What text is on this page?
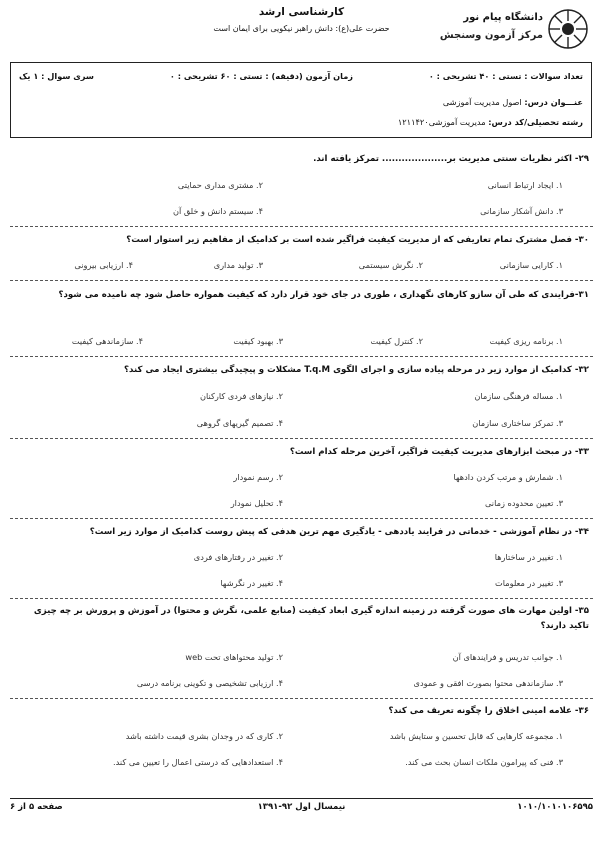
دانشگاه پیام نور
مرکز آزمون وسنجش
کارشناسی ارشد
حضرت علی(ع): دانش راهبر نیکویی برای ایمان است
تعداد سوالات : تستی : ۴۰ تشریحی : ۰
زمان آزمون (دقیقه) : تستی : ۶۰ تشریحی : ۰
سری سوال : ۱ یک
عنـــوان درس: اصول مدیریت آموزشی
رشته تحصیلی/کد درس: مدیریت آموزشی۱۲۱۱۴۲۰
۲۹- اکثر نظریات سنتی مدیریت بر.................... تمرکز یافته اند.
۱. ایجاد ارتباط انسانی
۲. مشتری مداری حمایتی
۳. دانش آشکار سازمانی
۴. سیستم دانش و خلق آن
۳۰- فصل مشترک تمام تعاریفی که از مدیریت کیفیت فراگیر شده است بر کدامیک از مفاهیم زیر استوار است؟
۱. کارایی سازمانی
۲. نگرش سیستمی
۳. تولید مداری
۴. ارزیابی بیرونی
۳۱-فرایندی که طی آن سازو کارهای نگهداری ، طوری در جای خود قرار دارد که کیفیت همواره حاصل شود چه نامیده می شود؟
۱. برنامه ریزی کیفیت
۲. کنترل کیفیت
۳. بهبود کیفیت
۴. سازماندهی کیفیت
۳۲- کدامیک از موارد زیر در مرحله پیاده سازی و اجرای الگوی T.q.M مشکلات و پیچیدگی بیشتری ایجاد می کند؟
۱. مساله فرهنگی سازمان
۲. نیازهای فردی کارکنان
۳. تمرکز ساختاری سازمان
۴. تصمیم گیریهای گروهی
۳۳- در مبحث ابزارهای مدیریت کیفیت فراگیر، آخرین مرحله کدام است؟
۱. شمارش و مرتب کردن دادهها
۲. رسم نمودار
۳. تعیین محدوده زمانی
۴. تحلیل نمودار
۳۴- در نظام آموزشی - خدماتی در فرایند یاددهی - یادگیری مهم ترین هدفی که پیش روست کدامیک از موارد زیر است؟
۱. تغییر در ساختارها
۲. تغییر در رفتارهای فردی
۳. تغییر در معلومات
۴. تغییر در نگرشها
۳۵- اولین مهارت های صورت گرفته در زمینه اندازه گیری ابعاد کیفیت (منابع علمی، نگرش و محتوا) در آموزش و پرورش بر چه چیزی تاکید دارند؟
۱. جوانب تدریس و فرایندهای آن
۲. تولید محتواهای تحت web
۳. سازماندهی محتوا بصورت افقی و عمودی
۴. ارزیابی تشخیصی و تکوینی برنامه درسی
۳۶- علامه امینی اخلاق را چگونه تعریف می کند؟
۱. مجموعه کارهایی که قابل تحسین و ستایش باشد
۲. کاری که در وجدان بشری قیمت داشته باشد
۳. فنی که پیرامون ملکات انسان بحث می کند.
۴. استعدادهایی که درستی اعمال را تعیین می کند.
۱۰۱۰/۱۰۱۰۱۰۶۵۹۵
نیمسال اول ۹۲-۱۳۹۱
صفحه ۵ از ۶
